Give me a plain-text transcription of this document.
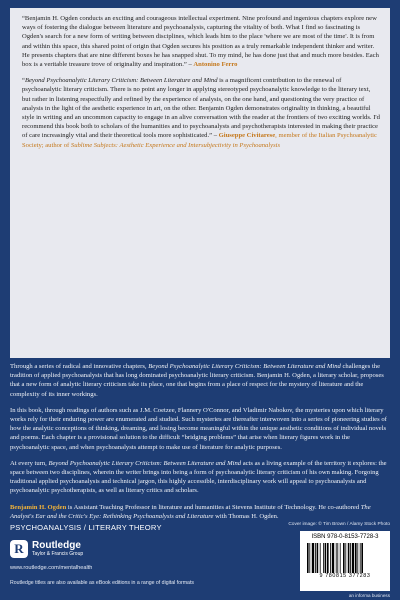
“Benjamin H. Ogden conducts an exciting and courageous intellectual experiment. Nine profound and ingenious chapters explore new ways of fostering the dialogue between literature and psychoanalysis, capturing the vitality of both. What I find so fascinating is Ogden's search for a new form of writing between disciplines, which leads him to the place 'where we are most of the time'. It is from and within this space, this shared point of origin that Ogden secures his position as a truly remarkable independent thinker and writer. He presents chapters that are nine different boxes he has snapped shut. To my mind, he has done just that and much more besides. Each box is a veritable treasure trove of originality and inspiration.” – Antonino Ferro

“Beyond Psychoanalytic Literary Criticism: Between Literature and Mind is a magnificent contribution to the renewal of psychoanalytic literary criticism. There is no point any longer in applying stereotyped psychoanalytic knowledge to the literary text, but rather in listening respectfully and refined by the experience of analysis, on the one hand, and questioning the very practice of analysis in the light of the aesthetic experience in art, on the other. Benjamin Ogden demonstrates originality in thinking, a beautiful style in writing and an uncommon capacity to engage in an alive conversation with the reader at the frontiers of two exciting worlds. I'd recommend this book both to scholars of the humanities and to psychoanalysts and psychotherapists interested in making their practice of care increasingly vital and their theoretical tools more sophisticated.” – Giuseppe Civitarese, member of the Italian Psychoanalytic Society; author of Sublime Subjects: Aesthetic Experience and Intersubjectivity in Psychoanalysis

Through a series of radical and innovative chapters, Beyond Psychoanalytic Literary Criticism: Between Literature and Mind challenges the tradition of applied psychoanalysis that has long dominated psychoanalytic literary criticism. Benjamin H. Ogden, a literary scholar, proposes that a new form of analytic literary criticism take its place, one that begins from a place of respect for the mystery of literature and the complexity of its inner workings.

In this book, through readings of authors such as J.M. Coetzee, Flannery O'Connor, and Vladimir Nabokov, the mysteries upon which literary works rely for their enduring power are enumerated and studied. Such mysteries are thereafter interwoven into a series of pioneering studies of how the analytic conceptions of thinking, dreaming, and losing become meaningful within the unique aesthetic conditions of individual novels and poems. Each chapter is a provisional solution to the difficult “bridging problems” that arise when literary figures work in the psychoanalytic space, and when psychoanalysts attempt to make use of literature for analytic purposes.

At every turn, Beyond Psychoanalytic Literary Criticism: Between Literature and Mind acts as a living example of the territory it explores: the space between two disciplines, wherein the writer brings into being a form of psychoanalytic literary criticism of his own making. Forgoing traditional applied psychoanalysis and technical jargon, this highly accessible, interdisciplinary work will appeal to psychoanalysts and psychoanalytic psychotherapists, as well as literary critics and scholars.

Benjamin H. Ogden is Assistant Teaching Professor in literature and humanities at Stevens Institute of Technology. He co-authored The Analyst's Ear and the Critic's Eye: Rethinking Psychoanalysis and Literature with Thomas H. Ogden.

PSYCHOANALYSIS / LITERARY THEORY
R Routledge
Taylor & Francis Group
www.routledge.com/mentalhealth
Routledge titles are also available as eBook editions in a range of digital formats
Cover image: © Tim Brown / Alamy Stock Photo
ISBN 978-0-8153-7728-3
9 780815 377283
an informa business
